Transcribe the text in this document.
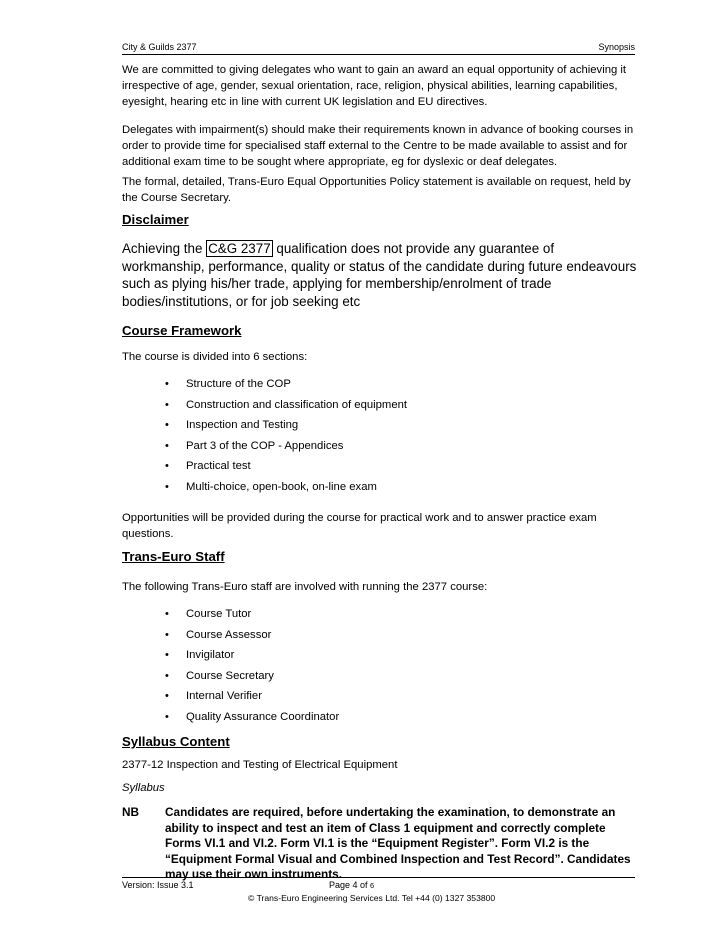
City & Guilds 2377	Synopsis

We are committed to giving delegates who want to gain an award an equal opportunity of achieving it irrespective of age, gender, sexual orientation, race, religion, physical abilities, learning capabilities, eyesight, hearing etc in line with current UK legislation and EU directives.

Delegates with impairment(s) should make their requirements known in advance of booking courses in order to provide time for specialised staff external to the Centre to be made available to assist and for additional exam time to be sought where appropriate, eg for dyslexic or deaf delegates.

The formal, detailed, Trans-Euro Equal Opportunities Policy statement is available on request, held by the Course Secretary.

Disclaimer

Achieving the C&G 2377 qualification does not provide any guarantee of workmanship, performance, quality or status of the candidate during future endeavours such as plying his/her trade, applying for membership/enrolment of trade bodies/institutions, or for job seeking etc

Course Framework

The course is divided into 6 sections:

• Structure of the COP
• Construction and classification of equipment
• Inspection and Testing
• Part 3 of the COP - Appendices
• Practical test
• Multi-choice, open-book, on-line exam

Opportunities will be provided during the course for practical work and to answer practice exam questions.

Trans-Euro Staff

The following Trans-Euro staff are involved with running the 2377 course:

• Course Tutor
• Course Assessor
• Invigilator
• Course Secretary
• Internal Verifier
• Quality Assurance Coordinator
Syllabus Content

2377-12 Inspection and Testing of Electrical Equipment

Syllabus

NB Candidates are required, before undertaking the examination, to demonstrate an ability to inspect and test an item of Class 1 equipment and correctly complete Forms VI.1 and VI.2. Form VI.1 is the “Equipment Register”. Form VI.2 is the “Equipment Formal Visual and Combined Inspection and Test Record”. Candidates may use their own instruments.

Version: Issue 3.1	Page 4 of 6
© Trans-Euro Engineering Services Ltd. Tel +44 (0) 1327 353800
